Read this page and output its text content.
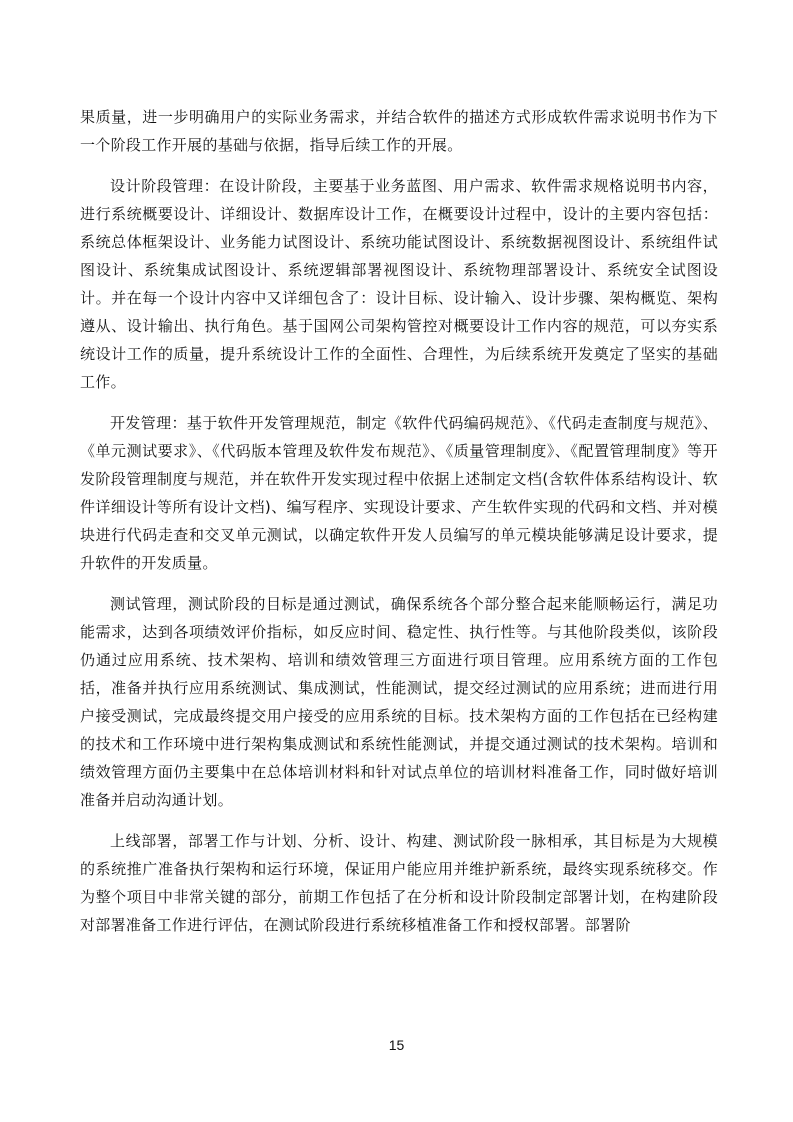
果质量，进一步明确用户的实际业务需求，并结合软件的描述方式形成软件需求说明书作为下一个阶段工作开展的基础与依据，指导后续工作的开展。

设计阶段管理：在设计阶段，主要基于业务蓝图、用户需求、软件需求规格说明书内容，进行系统概要设计、详细设计、数据库设计工作，在概要设计过程中，设计的主要内容包括：系统总体框架设计、业务能力试图设计、系统功能试图设计、系统数据视图设计、系统组件试图设计、系统集成试图设计、系统逻辑部署视图设计、系统物理部署设计、系统安全试图设计。并在每一个设计内容中又详细包含了：设计目标、设计输入、设计步骤、架构概览、架构遵从、设计输出、执行角色。基于国网公司架构管控对概要设计工作内容的规范，可以夯实系统设计工作的质量，提升系统设计工作的全面性、合理性，为后续系统开发奠定了坚实的基础工作。

开发管理：基于软件开发管理规范，制定《软件代码编码规范》、《代码走查制度与规范》、《单元测试要求》、《代码版本管理及软件发布规范》、《质量管理制度》、《配置管理制度》等开发阶段管理制度与规范，并在软件开发实现过程中依据上述制定文档(含软件体系结构设计、软件详细设计等所有设计文档)、编写程序、实现设计要求、产生软件实现的代码和文档、并对模块进行代码走查和交叉单元测试，以确定软件开发人员编写的单元模块能够满足设计要求，提升软件的开发质量。

测试管理，测试阶段的目标是通过测试，确保系统各个部分整合起来能顺畅运行，满足功能需求，达到各项绩效评价指标，如反应时间、稳定性、执行性等。与其他阶段类似，该阶段仍通过应用系统、技术架构、培训和绩效管理三方面进行项目管理。应用系统方面的工作包括，准备并执行应用系统测试、集成测试，性能测试，提交经过测试的应用系统；进而进行用户接受测试，完成最终提交用户接受的应用系统的目标。技术架构方面的工作包括在已经构建的技术和工作环境中进行架构集成测试和系统性能测试，并提交通过测试的技术架构。培训和绩效管理方面仍主要集中在总体培训材料和针对试点单位的培训材料准备工作，同时做好培训准备并启动沟通计划。

上线部署，部署工作与计划、分析、设计、构建、测试阶段一脉相承，其目标是为大规模的系统推广准备执行架构和运行环境，保证用户能应用并维护新系统，最终实现系统移交。作为整个项目中非常关键的部分，前期工作包括了在分析和设计阶段制定部署计划，在构建阶段对部署准备工作进行评估，在测试阶段进行系统移植准备工作和授权部署。部署阶

15
